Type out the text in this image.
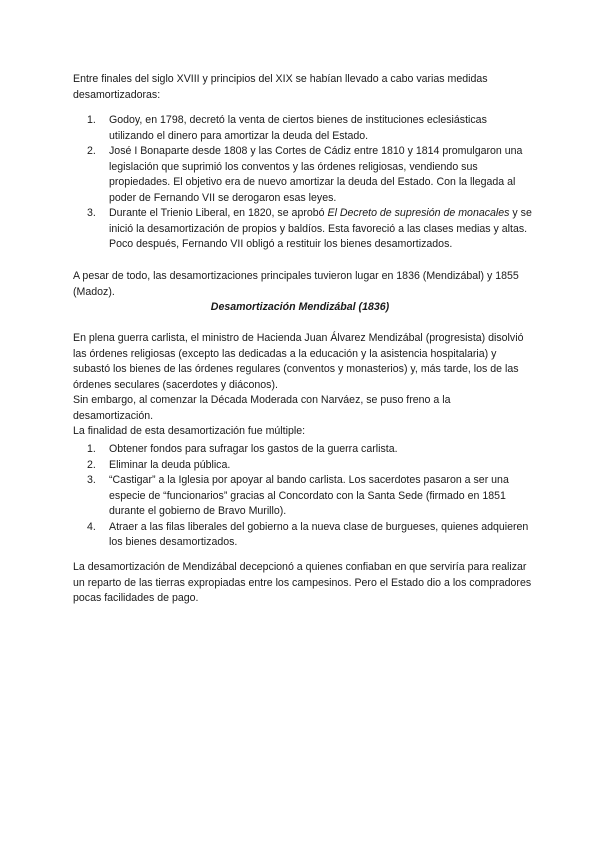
Entre finales del siglo XVIII y principios del XIX se habían llevado a cabo varias medidas desamortizadoras:

1. Godoy, en 1798, decretó la venta de ciertos bienes de instituciones eclesiásticas utilizando el dinero para amortizar la deuda del Estado.
2. José I Bonaparte desde 1808 y las Cortes de Cádiz entre 1810 y 1814 promulgaron una legislación que suprimió los conventos y las órdenes religiosas, vendiendo sus propiedades. El objetivo era de nuevo amortizar la deuda del Estado. Con la llegada al poder de Fernando VII se derogaron esas leyes.
3. Durante el Trienio Liberal, en 1820, se aprobó El Decreto de supresión de monacales y se inició la desamortización de propios y baldíos. Esta favoreció a las clases medias y altas. Poco después, Fernando VII obligó a restituir los bienes desamortizados.

A pesar de todo, las desamortizaciones principales tuvieron lugar en 1836 (Mendizábal) y 1855 (Madoz).

Desamortización Mendizábal (1836)

En plena guerra carlista, el ministro de Hacienda Juan Álvarez Mendizábal (progresista) disolvió las órdenes religiosas (excepto las dedicadas a la educación y la asistencia hospitalaria) y subastó los bienes de las órdenes regulares (conventos y monasterios) y, más tarde, los de las órdenes seculares (sacerdotes y diáconos).
Sin embargo, al comenzar la Década Moderada con Narváez, se puso freno a la desamortización.
La finalidad de esta desamortización fue múltiple:

1. Obtener fondos para sufragar los gastos de la guerra carlista.
2. Eliminar la deuda pública.
3. “Castigar” a la Iglesia por apoyar al bando carlista. Los sacerdotes pasaron a ser una especie de “funcionarios” gracias al Concordato con la Santa Sede (firmado en 1851 durante el gobierno de Bravo Murillo).
4. Atraer a las filas liberales del gobierno a la nueva clase de burgueses, quienes adquieren los bienes desamortizados.

La desamortización de Mendizábal decepcionó a quienes confiaban en que serviría para realizar un reparto de las tierras expropiadas entre los campesinos. Pero el Estado dio a los compradores pocas facilidades de pago.
